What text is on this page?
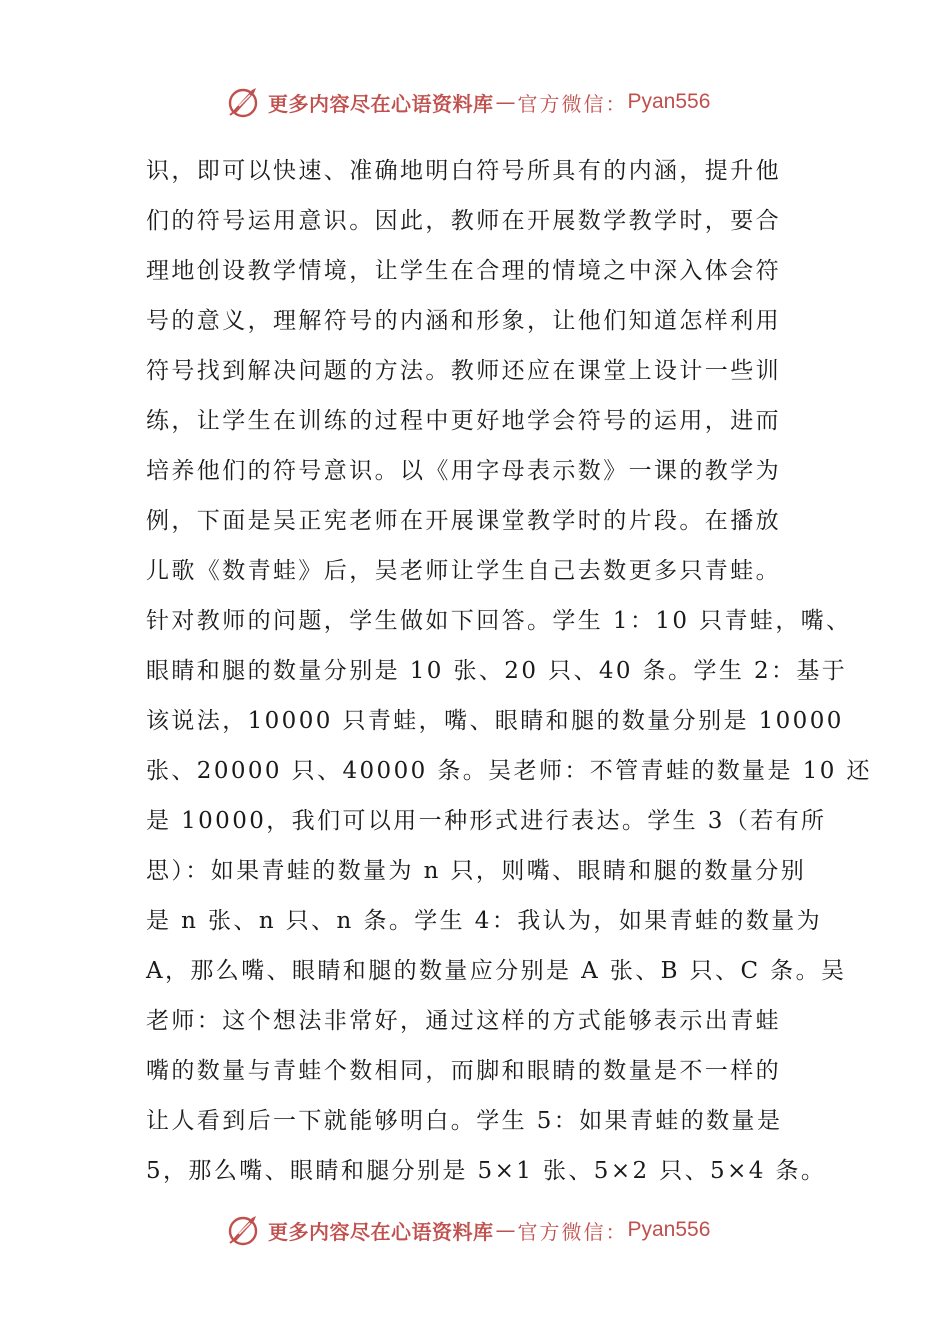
更多内容尽在心语资料库 — 官方微信： Pyan556
识，即可以快速、准确地明白符号所具有的内涵，提升他
们的符号运用意识。因此，教师在开展数学教学时，要合
理地创设教学情境，让学生在合理的情境之中深入体会符
号的意义，理解符号的内涵和形象，让他们知道怎样利用
符号找到解决问题的方法。教师还应在课堂上设计一些训
练，让学生在训练的过程中更好地学会符号的运用，进而
培养他们的符号意识。以《用字母表示数》一课的教学为
例，下面是吴正宪老师在开展课堂教学时的片段。在播放
儿歌《数青蛙》后，吴老师让学生自己去数更多只青蛙。
针对教师的问题，学生做如下回答。学生 1：10 只青蛙，嘴、
眼睛和腿的数量分别是 10 张、20 只、40 条。学生 2：基于
该说法，10000 只青蛙，嘴、眼睛和腿的数量分别是 10000
张、20000 只、40000 条。吴老师：不管青蛙的数量是 10 还
是 10000，我们可以用一种形式进行表达。学生 3（若有所
思）：如果青蛙的数量为 n 只，则嘴、眼睛和腿的数量分别
是 n 张、n 只、n 条。学生 4：我认为，如果青蛙的数量为
A，那么嘴、眼睛和腿的数量应分别是 A 张、B 只、C 条。吴
老师：这个想法非常好，通过这样的方式能够表示出青蛙
嘴的数量与青蛙个数相同，而脚和眼睛的数量是不一样的
让人看到后一下就能够明白。学生 5：如果青蛙的数量是
5，那么嘴、眼睛和腿分别是 5×1 张、5×2 只、5×4 条。
更多内容尽在心语资料库 — 官方微信： Pyan556
